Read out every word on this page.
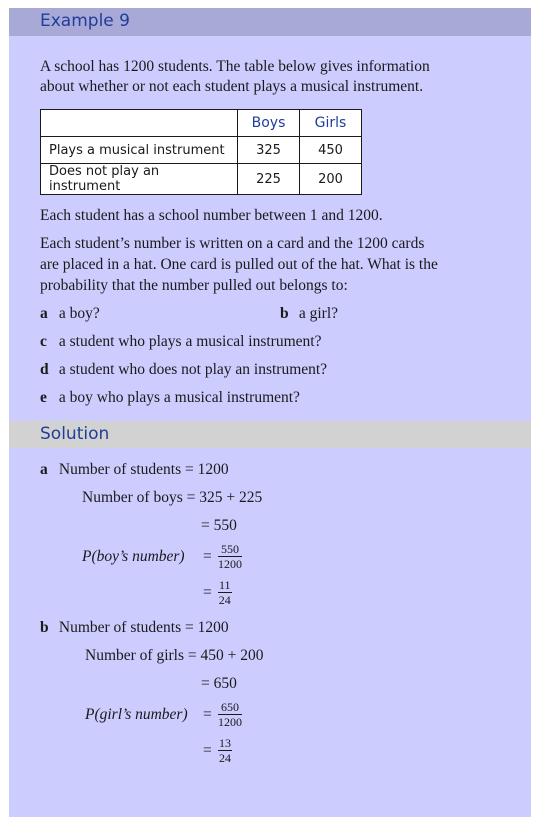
Example 9
A school has 1200 students. The table below gives information
about whether or not each student plays a musical instrument.
	Boys	Girls
Plays a musical instrument	325	450
Does not play an instrument	225	200
Each student has a school number between 1 and 1200.
Each student’s number is written on a card and the 1200 cards
are placed in a hat. One card is pulled out of the hat. What is the
probability that the number pulled out belongs to:
a a boy?	b a girl?
c a student who plays a musical instrument?
d a student who does not play an instrument?
e a boy who plays a musical instrument?
Solution
a Number of students = 1200
Number of boys = 325 + 225
= 550
P(boy’s number) = $\frac{550}{1200}$
= $\frac{11}{24}$
b Number of students = 1200
Number of girls = 450 + 200
= 650
P(girl’s number) = $\frac{650}{1200}$
= $\frac{13}{24}$
